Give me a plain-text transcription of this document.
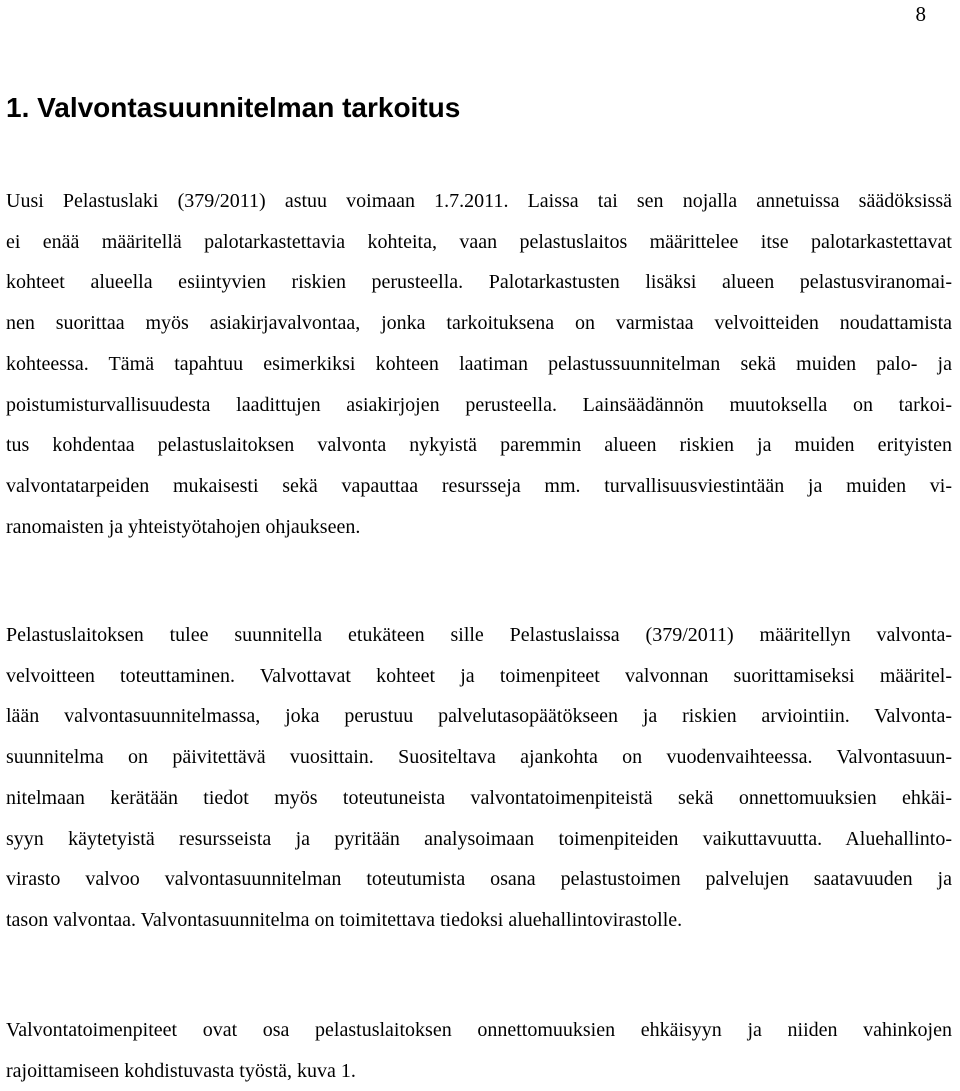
8
1. Valvontasuunnitelman tarkoitus
Uusi Pelastuslaki (379/2011) astuu voimaan 1.7.2011. Laissa tai sen nojalla annetuissa säädöksissä
ei enää määritellä palotarkastettavia kohteita, vaan pelastuslaitos määrittelee itse palotarkastettavat
kohteet alueella esiintyvien riskien perusteella. Palotarkastusten lisäksi alueen pelastusviranomai-
nen suorittaa myös asiakirjavalvontaa, jonka tarkoituksena on varmistaa velvoitteiden noudattamista
kohteessa. Tämä tapahtuu esimerkiksi kohteen laatiman pelastussuunnitelman sekä muiden palo- ja
poistumisturvallisuudesta laadittujen asiakirjojen perusteella. Lainsäädännön muutoksella on tarkoi-
tus kohdentaa pelastuslaitoksen valvonta nykyistä paremmin alueen riskien ja muiden erityisten
valvontatarpeiden mukaisesti sekä vapauttaa resursseja mm. turvallisuusviestintään ja muiden vi-
ranomaisten ja yhteistyötahojen ohjaukseen.
Pelastuslaitoksen tulee suunnitella etukäteen sille Pelastuslaissa (379/2011) määritellyn valvonta-
velvoitteen toteuttaminen. Valvottavat kohteet ja toimenpiteet valvonnan suorittamiseksi määritel-
lään valvontasuunnitelmassa, joka perustuu palvelutasopäätökseen ja riskien arviointiin. Valvonta-
suunnitelma on päivitettävä vuosittain. Suositeltava ajankohta on vuodenvaihteessa. Valvontasuun-
nitelmaan kerätään tiedot myös toteutuneista valvontatoimenpiteistä sekä onnettomuuksien ehkäi-
syyn käytetyistä resursseista ja pyritään analysoimaan toimenpiteiden vaikuttavuutta. Aluehallinto-
virasto valvoo valvontasuunnitelman toteutumista osana pelastustoimen palvelujen saatavuuden ja
tason valvontaa. Valvontasuunnitelma on toimitettava tiedoksi aluehallintovirastolle.
Valvontatoimenpiteet ovat osa pelastuslaitoksen onnettomuuksien ehkäisyyn ja niiden vahinkojen
rajoittamiseen kohdistuvasta työstä, kuva 1.
